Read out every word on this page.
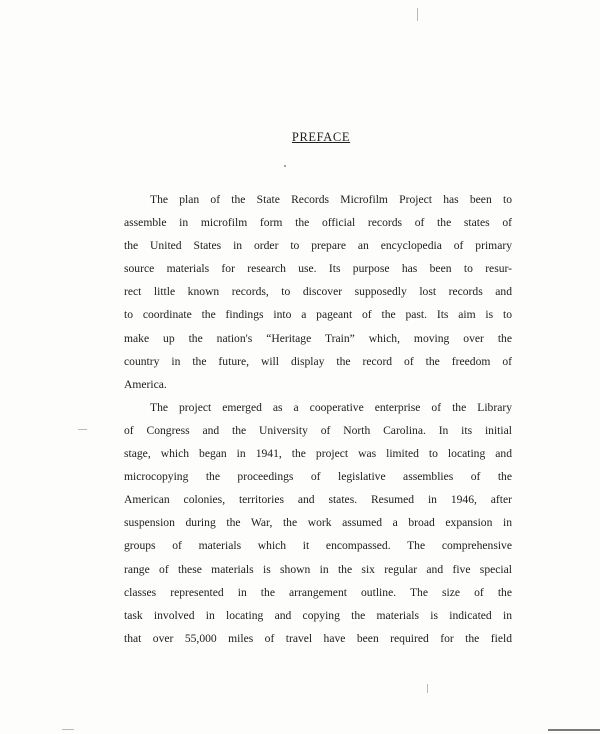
PREFACE
The plan of the State Records Microfilm Project has been to
assemble in microfilm form the official records of the states of
the United States in order to prepare an encyclopedia of primary
source materials for research use. Its purpose has been to resur-
rect little known records, to discover supposedly lost records and
to coordinate the findings into a pageant of the past. Its aim is to
make up the nation's “Heritage Train” which, moving over the
country in the future, will display the record of the freedom of
America.
The project emerged as a cooperative enterprise of the Library
of Congress and the University of North Carolina. In its initial
stage, which began in 1941, the project was limited to locating and
microcopying the proceedings of legislative assemblies of the
American colonies, territories and states. Resumed in 1946, after
suspension during the War, the work assumed a broad expansion in
groups of materials which it encompassed. The comprehensive
range of these materials is shown in the six regular and five special
classes represented in the arrangement outline. The size of the
task involved in locating and copying the materials is indicated in
that over 55,000 miles of travel have been required for the field
